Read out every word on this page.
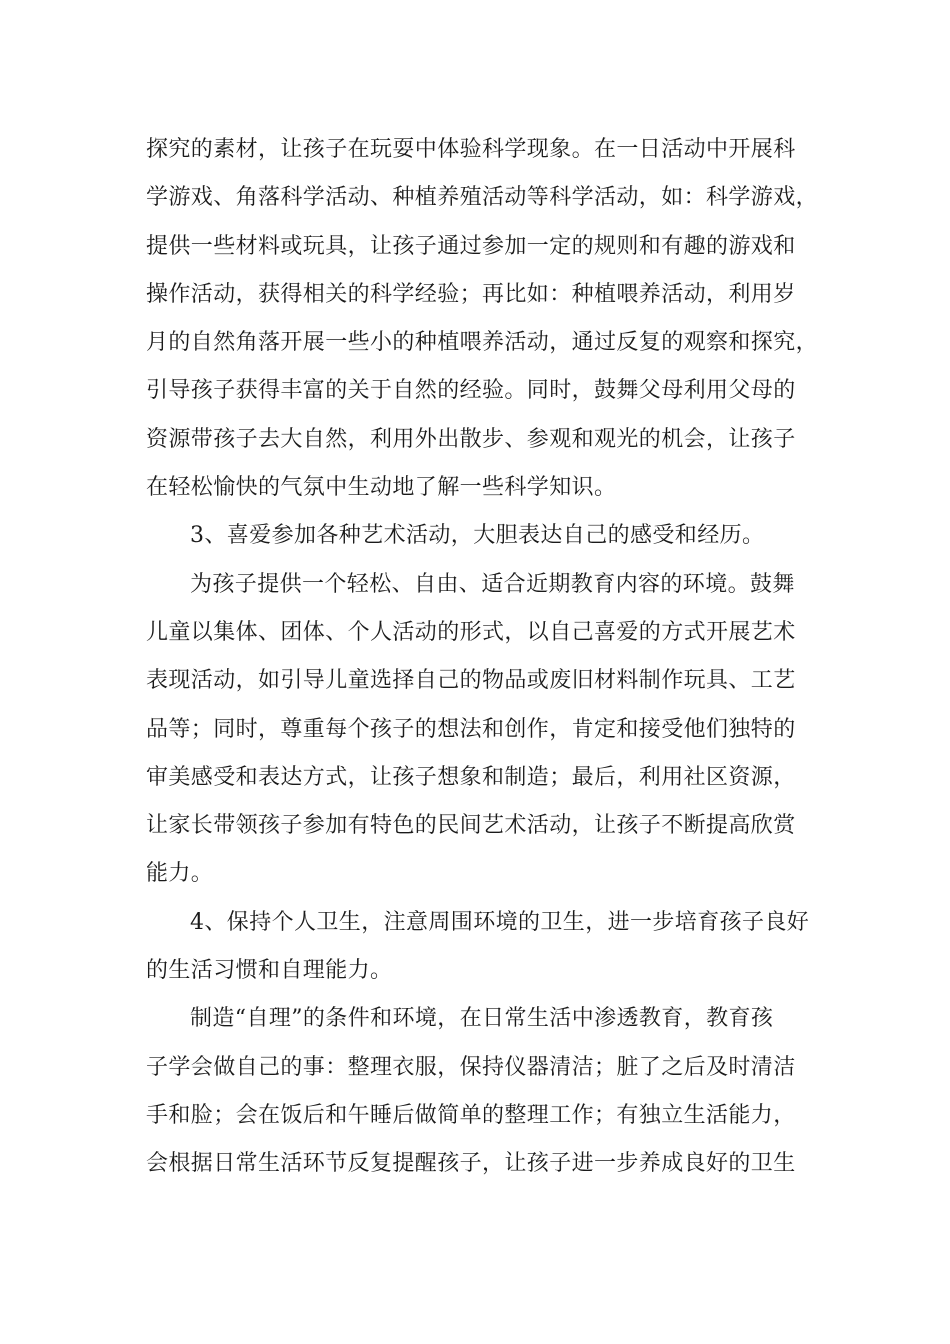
探究的素材，让孩子在玩耍中体验科学现象。在一日活动中开展科
学游戏、角落科学活动、种植养殖活动等科学活动，如：科学游戏，
提供一些材料或玩具，让孩子通过参加一定的规则和有趣的游戏和
操作活动，获得相关的科学经验；再比如：种植喂养活动，利用岁
月的自然角落开展一些小的种植喂养活动，通过反复的观察和探究，
引导孩子获得丰富的关于自然的经验。同时，鼓舞父母利用父母的
资源带孩子去大自然，利用外出散步、参观和观光的机会，让孩子
在轻松愉快的气氛中生动地了解一些科学知识。
3、喜爱参加各种艺术活动，大胆表达自己的感受和经历。
为孩子提供一个轻松、自由、适合近期教育内容的环境。鼓舞
儿童以集体、团体、个人活动的形式，以自己喜爱的方式开展艺术
表现活动，如引导儿童选择自己的物品或废旧材料制作玩具、工艺
品等；同时，尊重每个孩子的想法和创作，肯定和接受他们独特的
审美感受和表达方式，让孩子想象和制造；最后，利用社区资源，
让家长带领孩子参加有特色的民间艺术活动，让孩子不断提高欣赏
能力。
4、保持个人卫生，注意周围环境的卫生，进一步培育孩子良好
的生活习惯和自理能力。
制造“自理”的条件和环境，在日常生活中渗透教育，教育孩
子学会做自己的事：整理衣服，保持仪器清洁；脏了之后及时清洁
手和脸；会在饭后和午睡后做简单的整理工作；有独立生活能力，
会根据日常生活环节反复提醒孩子，让孩子进一步养成良好的卫生
